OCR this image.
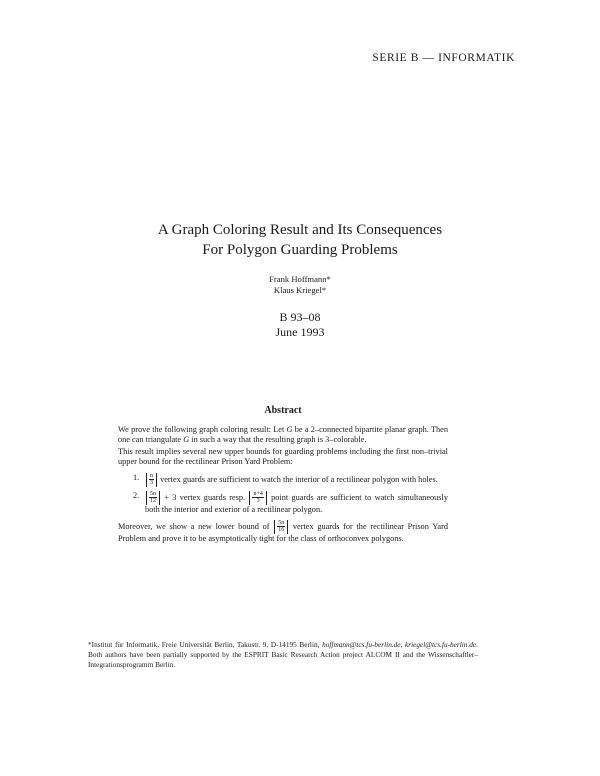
SERIE B — INFORMATIK
A Graph Coloring Result and Its Consequences
For Polygon Guarding Problems
Frank Hoffmann*
Klaus Kriegel*
B 93–08
June 1993
Abstract

We prove the following graph coloring result: Let G be a 2–connected bipartite planar graph. Then one can triangulate G in such a way that the resulting graph is 3–colorable.

This result implies several new upper bounds for guarding problems including the first non–trivial upper bound for the rectilinear Prison Yard Problem:

1. $\frac{n}{3}$ vertex guards are sufficient to watch the interior of a rectilinear polygon with holes.
2. $\frac{5n}{12} + 3$ vertex guards resp. $\frac{n+4}{3}$ point guards are sufficient to watch simultaneously both the interior and exterior of a rectilinear polygon.

Moreover, we show a new lower bound of $\frac{5n}{16}$ vertex guards for the rectilinear Prison Yard Problem and prove it to be asymptotically tight for the class of orthoconvex polygons.

*Institut für Informatik, Freie Universität Berlin, Takustr. 9, D-14195 Berlin, hoffmann@tcs.fu-berlin.de, kriegel@tcs.fu-berlin.de. Both authors have been partially supported by the ESPRIT Basic Research Action project ALCOM II and the Wissenschaftler–Integrationsprogramm Berlin.
